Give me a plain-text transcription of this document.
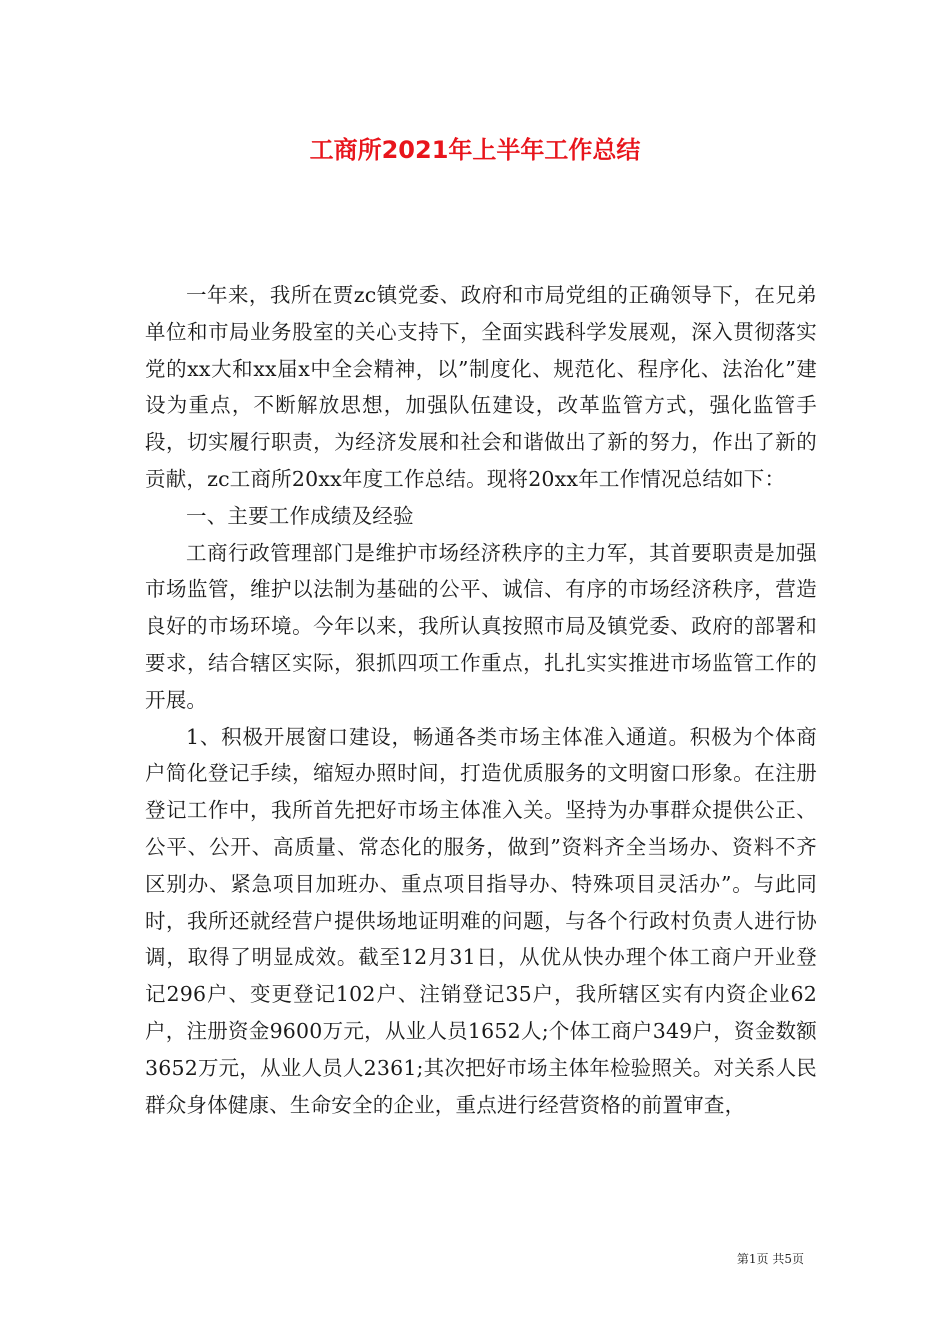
工商所2021年上半年工作总结

一年来，我所在贾zc镇党委、政府和市局党组的正确领导下，在兄弟单位和市局业务股室的关心支持下，全面实践科学发展观，深入贯彻落实党的xx大和xx届x中全会精神，以”制度化、规范化、程序化、法治化”建设为重点，不断解放思想，加强队伍建设，改革监管方式，强化监管手段，切实履行职责，为经济发展和社会和谐做出了新的努力，作出了新的贡献，zc工商所20xx年度工作总结。现将20xx年工作情况总结如下：

一、主要工作成绩及经验

工商行政管理部门是维护市场经济秩序的主力军，其首要职责是加强市场监管，维护以法制为基础的公平、诚信、有序的市场经济秩序，营造良好的市场环境。今年以来，我所认真按照市局及镇党委、政府的部署和要求，结合辖区实际，狠抓四项工作重点，扎扎实实推进市场监管工作的开展。

1、积极开展窗口建设，畅通各类市场主体准入通道。积极为个体商户简化登记手续，缩短办照时间，打造优质服务的文明窗口形象。在注册登记工作中，我所首先把好市场主体准入关。坚持为办事群众提供公正、公平、公开、高质量、常态化的服务，做到”资料齐全当场办、资料不齐区别办、紧急项目加班办、重点项目指导办、特殊项目灵活办”。与此同时，我所还就经营户提供场地证明难的问题，与各个行政村负责人进行协调，取得了明显成效。截至12月31日，从优从快办理个体工商户开业登记296户、变更登记102户、注销登记35户，我所辖区实有内资企业62户，注册资金9600万元，从业人员1652人;个体工商户349户，资金数额3652万元，从业人员人2361;其次把好市场主体年检验照关。对关系人民群众身体健康、生命安全的企业，重点进行经营资格的前置审查，

第1页 共5页
